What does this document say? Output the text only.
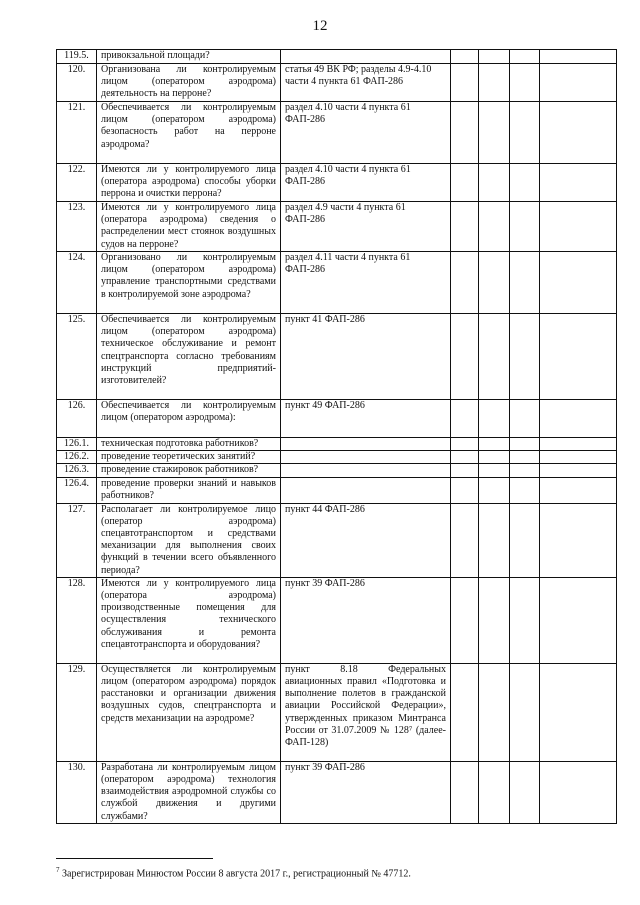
12
119.5.	привокзальной площади?					
120.	Организована ли контролируемым лицом (оператором аэродрома) деятельность на перроне?	статья 49 ВК РФ; разделы 4.9-4.10 части 4 пункта 61 ФАП-286				
121.	Обеспечивается ли контролируемым лицом (оператором аэродрома) безопасность работ на перроне аэродрома?	раздел 4.10 части 4 пункта 61 ФАП-286				
122.	Имеются ли у контролируемого лица (оператора аэродрома) способы уборки перрона и очистки перрона?	раздел 4.10 части 4 пункта 61 ФАП-286				
123.	Имеются ли у контролируемого лица (оператора аэродрома) сведения о распределении мест стоянок воздушных судов на перроне?	раздел 4.9 части 4 пункта 61 ФАП-286				
124.	Организовано ли контролируемым лицом (оператором аэродрома) управление транспортными средствами в контролируемой зоне аэродрома?	раздел 4.11 части 4 пункта 61 ФАП-286				
125.	Обеспечивается ли контролируемым лицом (оператором аэродрома) техническое обслуживание и ремонт спецтранспорта согласно требованиям инструкций предприятий-изготовителей?	пункт 41 ФАП-286				
126.	Обеспечивается ли контролируемым лицом (оператором аэродрома):	пункт 49 ФАП-286				
126.1.	техническая подготовка работников?					
126.2.	проведение теоретических занятий?					
126.3.	проведение стажировок работников?					
126.4.	проведение проверки знаний и навыков работников?					
127.	Располагает ли контролируемое лицо (оператор аэродрома) спецавтотранспортом и средствами механизации для выполнения своих функций в течении всего объявленного периода?	пункт 44 ФАП-286				
128.	Имеются ли у контролируемого лица (оператора аэродрома) производственные помещения для осуществления технического обслуживания и ремонта спецавтотранспорта и оборудования?	пункт 39 ФАП-286				
129.	Осуществляется ли контролируемым лицом (оператором аэродрома) порядок расстановки и организации движения воздушных судов, спецтранспорта и средств механизации на аэродроме?	пункт 8.18 Федеральных авиационных правил «Подготовка и выполнение полетов в гражданской авиации Российской Федерации», утвержденных приказом Минтранса России от 31.07.2009 № 128⁷ (далее-ФАП-128)				
130.	Разработана ли контролируемым лицом (оператором аэродрома) технология взаимодействия аэродромной службы со службой движения и другими службами?	пункт 39 ФАП-286				
$^7$ Зарегистрирован Минюстом России 8 августа 2017 г., регистрационный № 47712.
